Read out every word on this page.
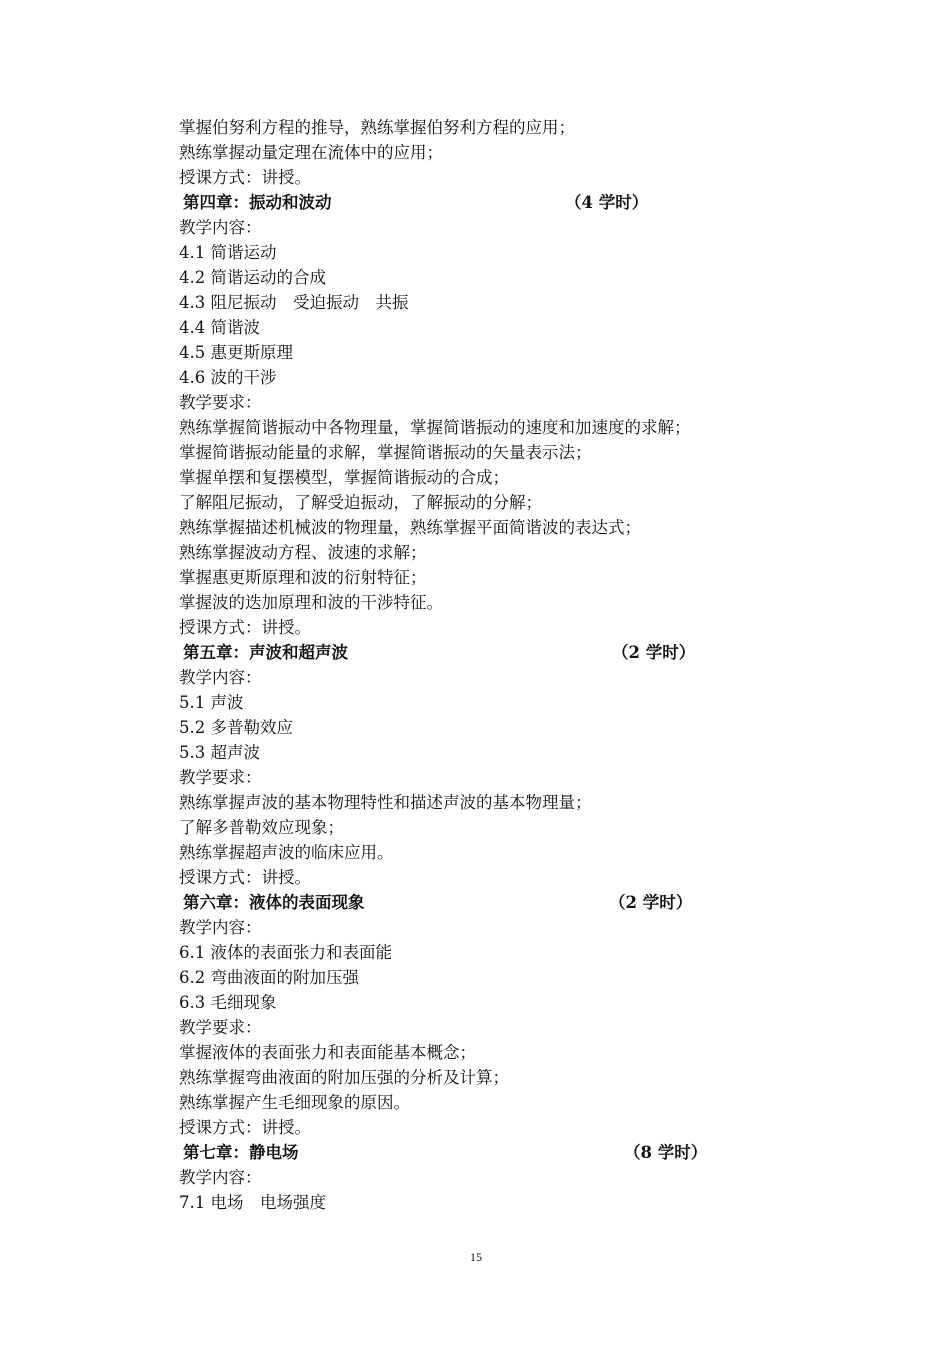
掌握伯努利方程的推导，熟练掌握伯努利方程的应用；
熟练掌握动量定理在流体中的应用；
授课方式：讲授。
第四章：振动和波动	（4 学时）
教学内容：
4.1 简谐运动
4.2 简谐运动的合成
4.3 阻尼振动　受迫振动　共振
4.4 简谐波
4.5 惠更斯原理
4.6 波的干涉
教学要求：
熟练掌握简谐振动中各物理量，掌握简谐振动的速度和加速度的求解；
掌握简谐振动能量的求解，掌握简谐振动的矢量表示法；
掌握单摆和复摆模型，掌握简谐振动的合成；
了解阻尼振动，了解受迫振动，了解振动的分解；
熟练掌握描述机械波的物理量，熟练掌握平面简谐波的表达式；
熟练掌握波动方程、波速的求解；
掌握惠更斯原理和波的衍射特征；
掌握波的迭加原理和波的干涉特征。
授课方式：讲授。
第五章：声波和超声波	（2 学时）
教学内容：
5.1 声波
5.2 多普勒效应
5.3 超声波
教学要求：
熟练掌握声波的基本物理特性和描述声波的基本物理量；
了解多普勒效应现象；
熟练掌握超声波的临床应用。
授课方式：讲授。
第六章：液体的表面现象	（2 学时）
教学内容：
6.1 液体的表面张力和表面能
6.2 弯曲液面的附加压强
6.3 毛细现象
教学要求：
掌握液体的表面张力和表面能基本概念；
熟练掌握弯曲液面的附加压强的分析及计算；
熟练掌握产生毛细现象的原因。
授课方式：讲授。
第七章：静电场	（8 学时）
教学内容：
7.1 电场　电场强度
15
